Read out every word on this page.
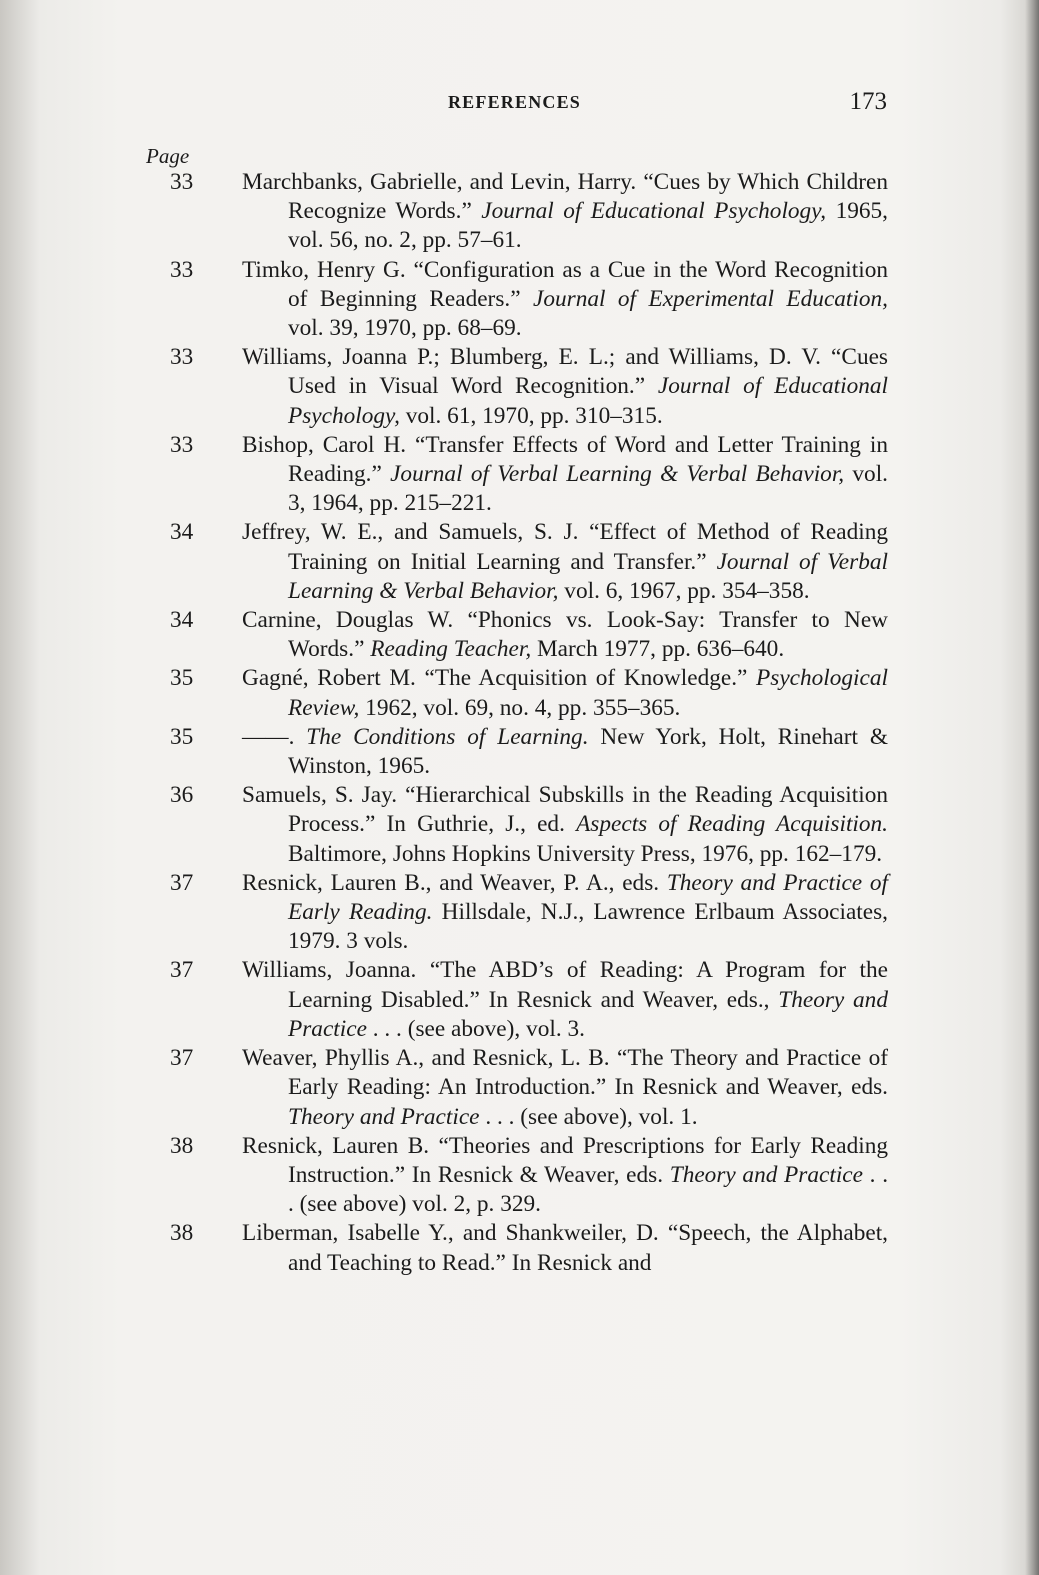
REFERENCES	173
Page
33	Marchbanks, Gabrielle, and Levin, Harry. “Cues by Which Children Recognize Words.” Journal of Educational Psychology, 1965, vol. 56, no. 2, pp. 57–61.
33	Timko, Henry G. “Configuration as a Cue in the Word Recognition of Beginning Readers.” Journal of Experimental Education, vol. 39, 1970, pp. 68–69.
33	Williams, Joanna P.; Blumberg, E. L.; and Williams, D. V. “Cues Used in Visual Word Recognition.” Journal of Educational Psychology, vol. 61, 1970, pp. 310–315.
33	Bishop, Carol H. “Transfer Effects of Word and Letter Training in Reading.” Journal of Verbal Learning & Verbal Behavior, vol. 3, 1964, pp. 215–221.
34	Jeffrey, W. E., and Samuels, S. J. “Effect of Method of Reading Training on Initial Learning and Transfer.” Journal of Verbal Learning & Verbal Behavior, vol. 6, 1967, pp. 354–358.
34	Carnine, Douglas W. “Phonics vs. Look-Say: Transfer to New Words.” Reading Teacher, March 1977, pp. 636–640.
35	Gagné, Robert M. “The Acquisition of Knowledge.” Psychological Review, 1962, vol. 69, no. 4, pp. 355–365.
35	——. The Conditions of Learning. New York, Holt, Rinehart & Winston, 1965.
36	Samuels, S. Jay. “Hierarchical Subskills in the Reading Acquisition Process.” In Guthrie, J., ed. Aspects of Reading Acquisition. Baltimore, Johns Hopkins University Press, 1976, pp. 162–179.
37	Resnick, Lauren B., and Weaver, P. A., eds. Theory and Practice of Early Reading. Hillsdale, N.J., Lawrence Erlbaum Associates, 1979. 3 vols.
37	Williams, Joanna. “The ABD’s of Reading: A Program for the Learning Disabled.” In Resnick and Weaver, eds., Theory and Practice . . . (see above), vol. 3.
37	Weaver, Phyllis A., and Resnick, L. B. “The Theory and Practice of Early Reading: An Introduction.” In Resnick and Weaver, eds. Theory and Practice . . . (see above), vol. 1.
38	Resnick, Lauren B. “Theories and Prescriptions for Early Reading Instruction.” In Resnick & Weaver, eds. Theory and Practice . . . (see above) vol. 2, p. 329.
38	Liberman, Isabelle Y., and Shankweiler, D. “Speech, the Alphabet, and Teaching to Read.” In Resnick and
